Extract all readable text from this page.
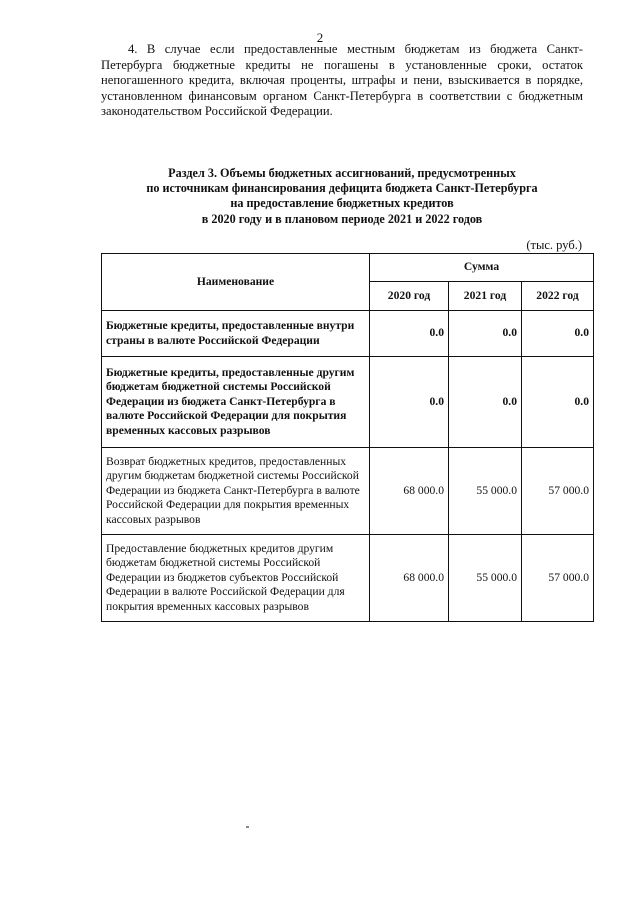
2
4. В случае если предоставленные местным бюджетам из бюджета Санкт-Петербурга бюджетные кредиты не погашены в установленные сроки, остаток непогашенного кредита, включая проценты, штрафы и пени, взыскивается в порядке, установленном финансовым органом Санкт-Петербурга в соответствии с бюджетным законодательством Российской Федерации.
Раздел 3. Объемы бюджетных ассигнований, предусмотренных
по источникам финансирования дефицита бюджета Санкт-Петербурга
на предоставление бюджетных кредитов
в 2020 году и в плановом периоде 2021 и 2022 годов
(тыс. руб.)
Наименование	Сумма		
	2020 год	2021 год	2022 год
Бюджетные кредиты, предоставленные внутри страны в валюте Российской Федерации	0.0	0.0	0.0
Бюджетные кредиты, предоставленные другим бюджетам бюджетной системы Российской Федерации из бюджета Санкт-Петербурга в валюте Российской Федерации для покрытия временных кассовых разрывов	0.0	0.0	0.0
Возврат бюджетных кредитов, предоставленных другим бюджетам бюджетной системы Российской Федерации из бюджета Санкт-Петербурга в валюте Российской Федерации для покрытия временных кассовых разрывов	68 000.0	55 000.0	57 000.0
Предоставление бюджетных кредитов другим бюджетам бюджетной системы Российской Федерации из бюджетов субъектов Российской Федерации в валюте Российской Федерации для покрытия временных кассовых разрывов	68 000.0	55 000.0	57 000.0
